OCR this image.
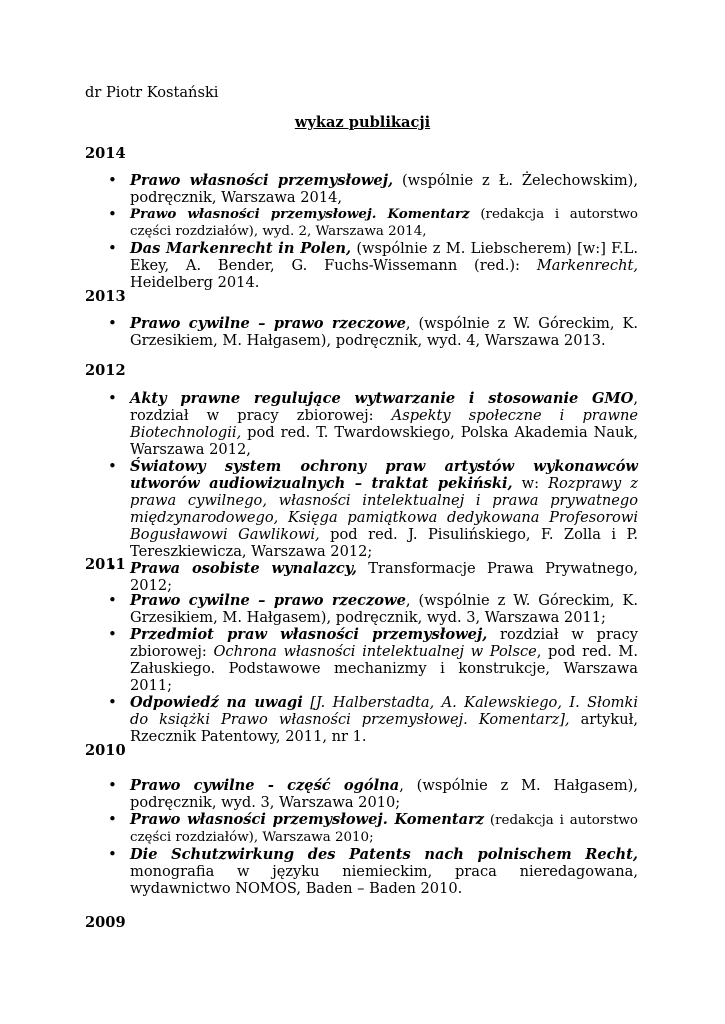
dr Piotr Kostański
wykaz publikacji
2014
• Prawo własności przemysłowej, (wspólnie z Ł. Żelechowskim), podręcznik, Warszawa 2014,
• Prawo własności przemysłowej. Komentarz (redakcja i autorstwo części rozdziałów), wyd. 2, Warszawa 2014,
• Das Markenrecht in Polen, (wspólnie z M. Liebscherem) [w:] F.L. Ekey, A. Bender, G. Fuchs-Wissemann (red.): Markenrecht, Heidelberg 2014.
2013
• Prawo cywilne – prawo rzeczowe, (wspólnie z W. Góreckim, K. Grzesikiem, M. Hałgasem), podręcznik, wyd. 4, Warszawa 2013.
2012
• Akty prawne regulujące wytwarzanie i stosowanie GMO, rozdział w pracy zbiorowej: Aspekty społeczne i prawne Biotechnologii, pod red. T. Twardowskiego, Polska Akademia Nauk, Warszawa 2012,
• Światowy system ochrony praw artystów wykonawców utworów audiowizualnych – traktat pekiński, w: Rozprawy z prawa cywilnego, własności intelektualnej i prawa prywatnego międzynarodowego, Księga pamiątkowa dedykowana Profesorowi Bogusławowi Gawlikowi, pod red. J. Pisulińskiego, F. Zolla i P. Tereszkiewicza, Warszawa 2012;
• Prawa osobiste wynalazcy, Transformacje Prawa Prywatnego, 2012;
2011
• Prawo cywilne – prawo rzeczowe, (wspólnie z W. Góreckim, K. Grzesikiem, M. Hałgasem), podręcznik, wyd. 3, Warszawa 2011;
• Przedmiot praw własności przemysłowej, rozdział w pracy zbiorowej: Ochrona własności intelektualnej w Polsce, pod red. M. Załuskiego. Podstawowe mechanizmy i konstrukcje, Warszawa 2011;
• Odpowiedź na uwagi [J. Halberstadta, A. Kalewskiego, I. Słomki do książki Prawo własności przemysłowej. Komentarz], artykuł, Rzecznik Patentowy, 2011, nr 1.
2010
• Prawo cywilne - część ogólna, (wspólnie z M. Hałgasem), podręcznik, wyd. 3, Warszawa 2010;
• Prawo własności przemysłowej. Komentarz (redakcja i autorstwo części rozdziałów), Warszawa 2010;
• Die Schutzwirkung des Patents nach polnischem Recht, monografia w języku niemieckim, praca nieredagowana, wydawnictwo NOMOS, Baden – Baden 2010.
2009
